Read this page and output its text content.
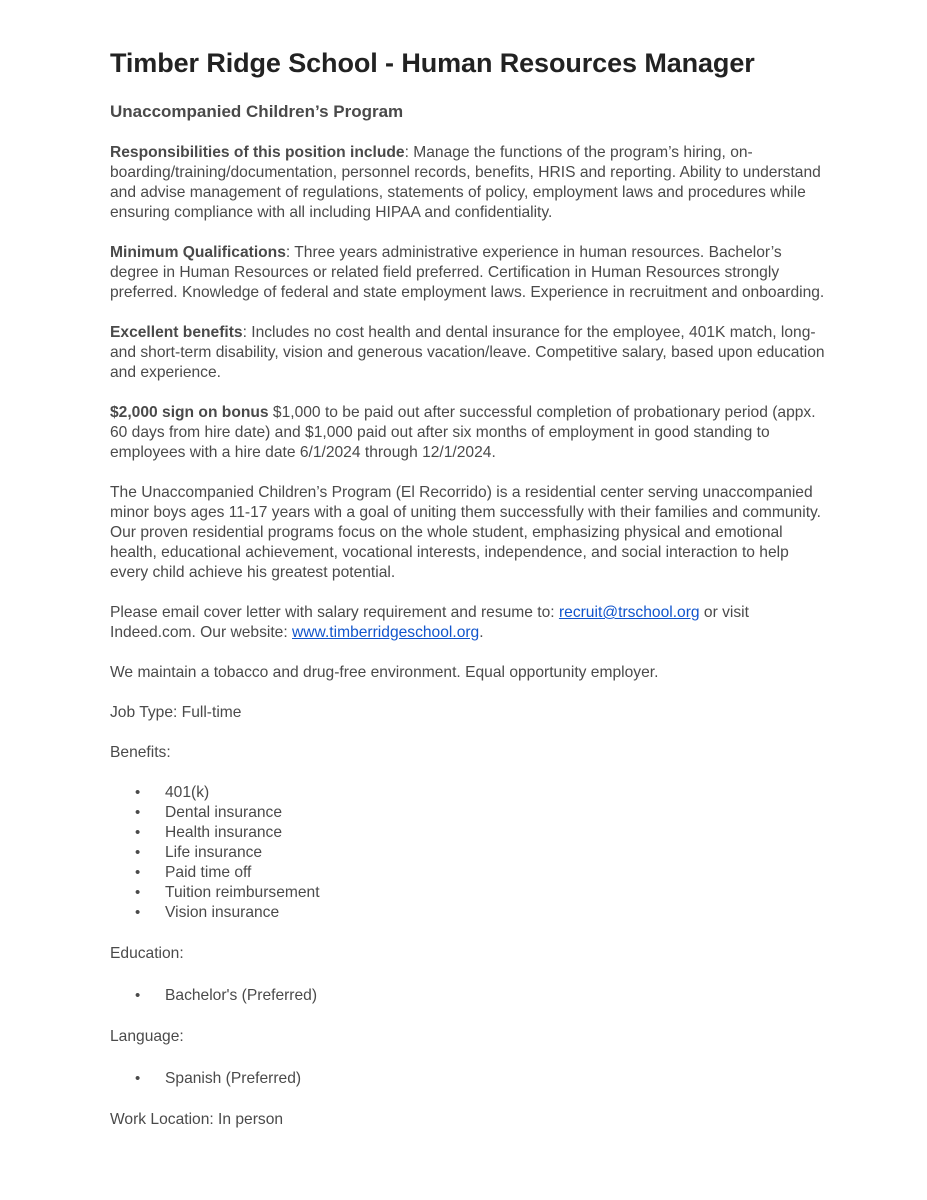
Timber Ridge School - Human Resources Manager
Unaccompanied Children’s Program

Responsibilities of this position include: Manage the functions of the program’s hiring, on-boarding/training/documentation, personnel records, benefits, HRIS and reporting. Ability to understand and advise management of regulations, statements of policy, employment laws and procedures while ensuring compliance with all including HIPAA and confidentiality.

Minimum Qualifications: Three years administrative experience in human resources. Bachelor’s degree in Human Resources or related field preferred. Certification in Human Resources strongly preferred. Knowledge of federal and state employment laws. Experience in recruitment and onboarding.

Excellent benefits: Includes no cost health and dental insurance for the employee, 401K match, long- and short-term disability, vision and generous vacation/leave. Competitive salary, based upon education and experience.

$2,000 sign on bonus $1,000 to be paid out after successful completion of probationary period (appx. 60 days from hire date) and $1,000 paid out after six months of employment in good standing to employees with a hire date 6/1/2024 through 12/1/2024.

The Unaccompanied Children’s Program (El Recorrido) is a residential center serving unaccompanied minor boys ages 11-17 years with a goal of uniting them successfully with their families and community. Our proven residential programs focus on the whole student, emphasizing physical and emotional health, educational achievement, vocational interests, independence, and social interaction to help every child achieve his greatest potential.

Please email cover letter with salary requirement and resume to: recruit@trschool.org or visit Indeed.com. Our website: www.timberridgeschool.org.

We maintain a tobacco and drug-free environment. Equal opportunity employer.

Job Type: Full-time

Benefits:

• 401(k)
• Dental insurance
• Health insurance
• Life insurance
• Paid time off
• Tuition reimbursement
• Vision insurance

Education:

• Bachelor's (Preferred)

Language:

• Spanish (Preferred)

Work Location: In person
